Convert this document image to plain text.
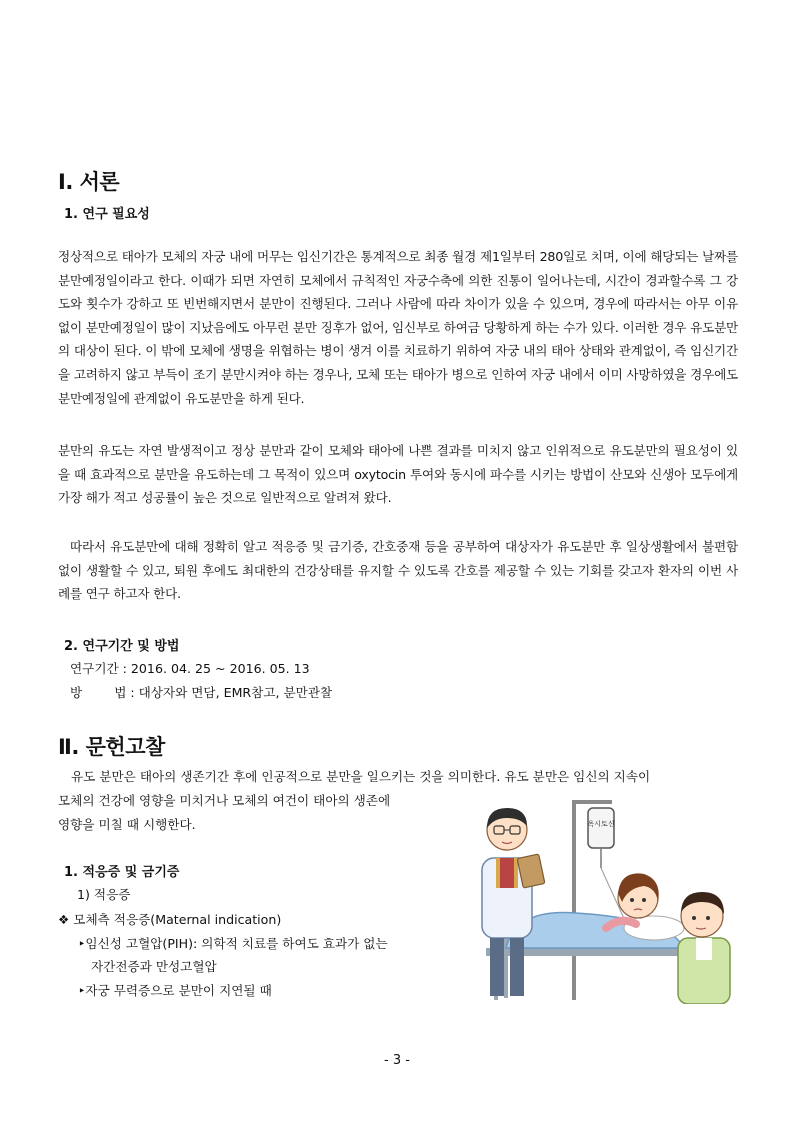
Ⅰ. 서론
1. 연구 필요성

정상적으로 태아가 모체의 자궁 내에 머무는 임신기간은 통계적으로 최종 월경 제1일부터 280일로 치며, 이에 해당되는 날짜를 분만예정일이라고 한다. 이때가 되면 자연히 모체에서 규칙적인 자궁수축에 의한 진통이 일어나는데, 시간이 경과할수록 그 강도와 횟수가 강하고 또 빈번해지면서 분만이 진행된다. 그러나 사람에 따라 차이가 있을 수 있으며, 경우에 따라서는 아무 이유 없이 분만예정일이 많이 지났음에도 아무런 분만 징후가 없어, 임신부로 하여금 당황하게 하는 수가 있다. 이러한 경우 유도분만의 대상이 된다. 이 밖에 모체에 생명을 위협하는 병이 생겨 이를 치료하기 위하여 자궁 내의 태아 상태와 관계없이, 즉 임신기간을 고려하지 않고 부득이 조기 분만시켜야 하는 경우나, 모체 또는 태아가 병으로 인하여 자궁 내에서 이미 사망하였을 경우에도 분만예정일에 관계없이 유도분만을 하게 된다.

분만의 유도는 자연 발생적이고 정상 분만과 같이 모체와 태아에 나쁜 결과를 미치지 않고 인위적으로 유도분만의 필요성이 있을 때 효과적으로 분만을 유도하는데 그 목적이 있으며 oxytocin 투여와 동시에 파수를 시키는 방법이 산모와 신생아 모두에게 가장 해가 적고 성공률이 높은 것으로 일반적으로 알려져 왔다.

따라서 유도분만에 대해 정확히 알고 적응증 및 금기증, 간호중재 등을 공부하여 대상자가 유도분만 후 일상생활에서 불편함 없이 생활할 수 있고, 퇴원 후에도 최대한의 건강상태를 유지할 수 있도록 간호를 제공할 수 있는 기회를 갖고자 환자의 이번 사례를 연구 하고자 한다.

2. 연구기간 및 방법

연구기간 : 2016. 04. 25 ~ 2016. 05. 13

방        법 : 대상자와 면담, EMR참고, 분만관찰

Ⅱ. 문헌고찰

유도 분만은 태아의 생존기간 후에 인공적으로 분만을 일으키는 것을 의미한다. 유도 분만은 임신의 지속이

모체의 건강에 영향을 미치거나 모체의 여건이 태아의 생존에

영향을 미칠 때 시행한다.

1. 적응증 및 금기증

1) 적응증

❖ 모체측 적응증(Maternal indication)

‣임신성 고혈압(PIH): 의학적 치료를 하여도 효과가 없는

자간전증과 만성고혈압

‣자궁 무력증으로 분만이 지연될 때

옥시토신

- 3 -
